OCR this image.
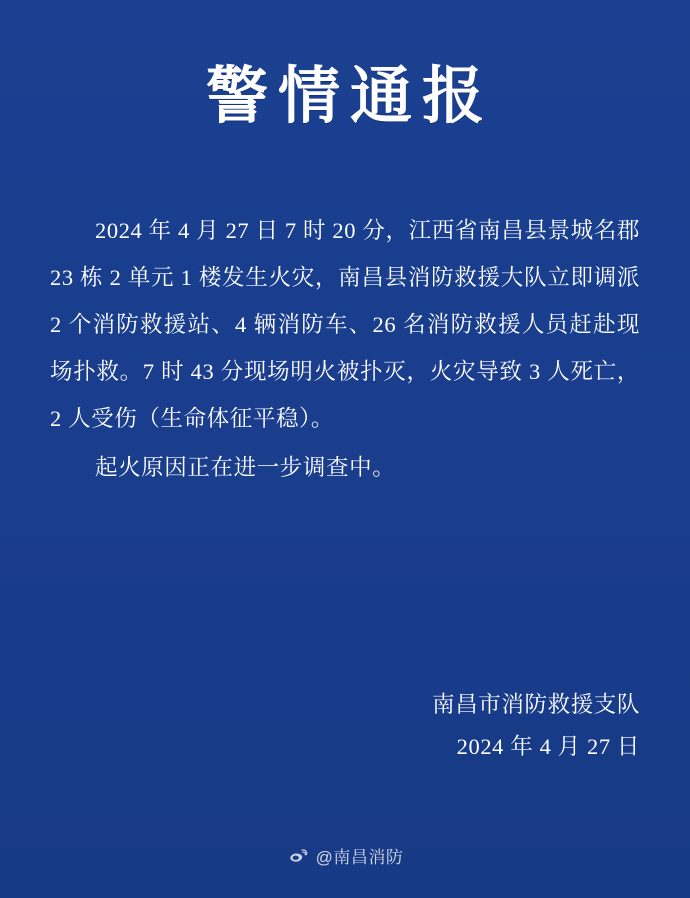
警情通报

2024 年 4 月 27 日 7 时 20 分，江西省南昌县景城名郡 23 栋 2 单元 1 楼发生火灾，南昌县消防救援大队立即调派 2 个消防救援站、4 辆消防车、26 名消防救援人员赶赴现场扑救。7 时 43 分现场明火被扑灭，火灾导致 3 人死亡，2 人受伤（生命体征平稳）。

起火原因正在进一步调查中。

南昌市消防救援支队
2024 年 4 月 27 日
@南昌消防
